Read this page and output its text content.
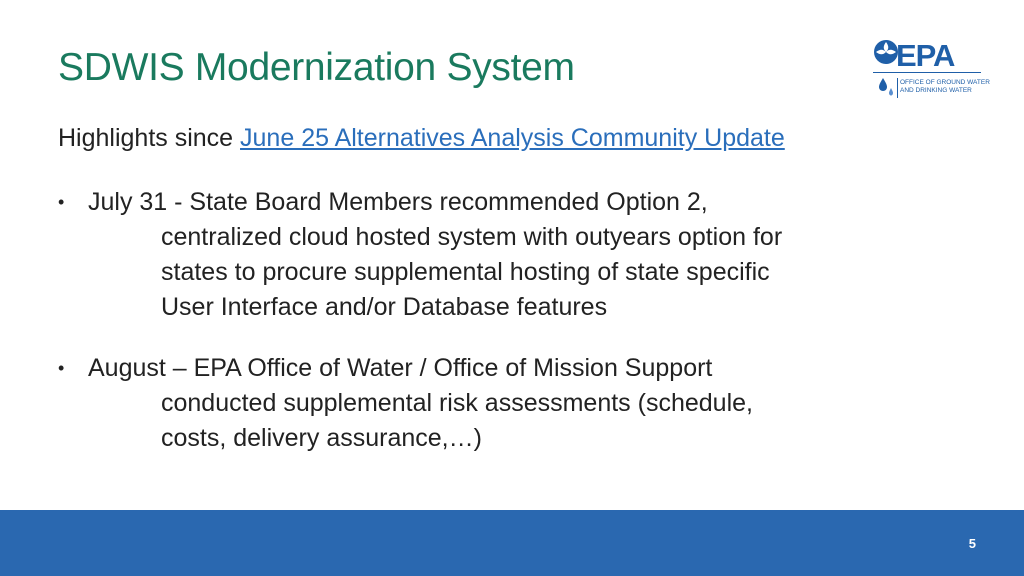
SDWIS Modernization System
Highlights since June 25 Alternatives Analysis Community Update
• July 31 - State Board Members recommended Option 2,
centralized cloud hosted system with outyears option for
states to procure supplemental hosting of state specific
User Interface and/or Database features
• August – EPA Office of Water / Office of Mission Support
conducted supplemental risk assessments (schedule,
costs, delivery assurance,…)
EPA
OFFICE OF GROUND WATER
AND DRINKING WATER
5
